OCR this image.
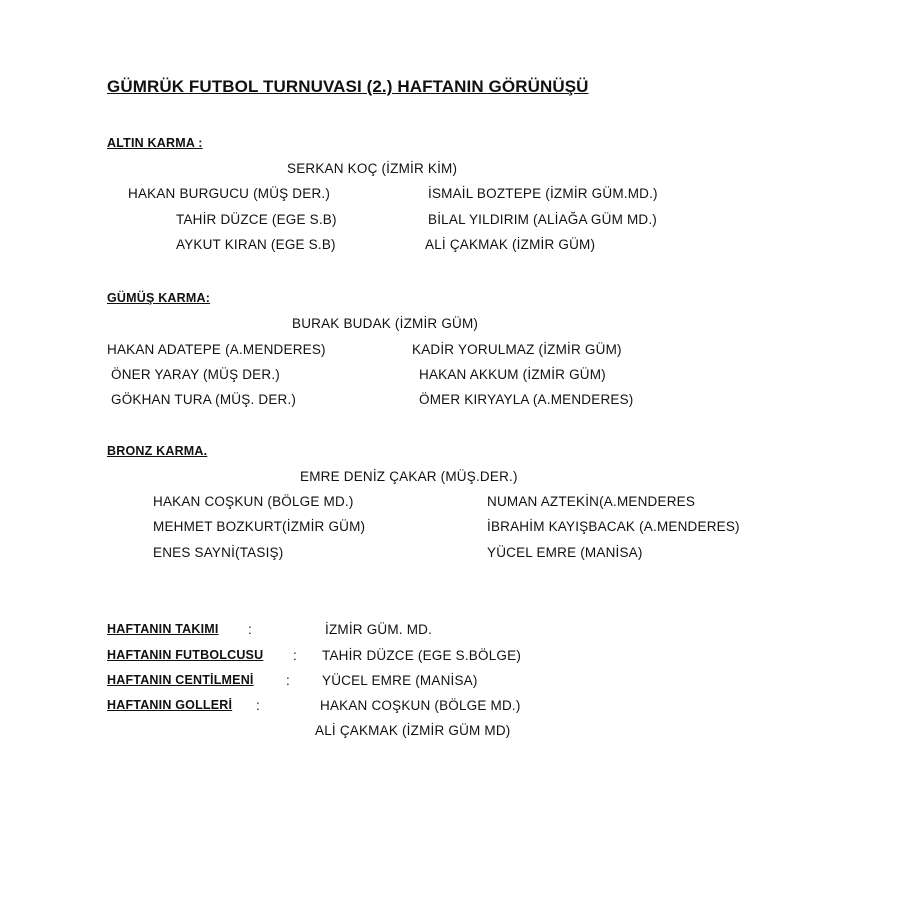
GÜMRÜK FUTBOL TURNUVASI (2.) HAFTANIN GÖRÜNÜŞÜ
ALTIN KARMA :
SERKAN KOÇ (İZMİR KİM)
HAKAN BURGUCU (MÜŞ DER.)
TAHİR DÜZCE (EGE S.B)
AYKUT KIRAN (EGE S.B)
İSMAİL BOZTEPE (İZMİR GÜM.MD.)
BİLAL YILDIRIM (ALİAĞA GÜM MD.)
ALİ ÇAKMAK (İZMİR GÜM)
GÜMÜŞ KARMA:
BURAK BUDAK (İZMİR GÜM)
HAKAN ADATEPE (A.MENDERES)
ÖNER YARAY (MÜŞ DER.)
GÖKHAN TURA (MÜŞ. DER.)
KADİR YORULMAZ (İZMİR GÜM)
HAKAN AKKUM (İZMİR GÜM)
ÖMER KIRYAYLA (A.MENDERES)
BRONZ KARMA.
EMRE DENİZ ÇAKAR (MÜŞ.DER.)
HAKAN COŞKUN (BÖLGE MD.)
MEHMET BOZKURT(İZMİR GÜM)
ENES SAYNİ(TASIŞ)
NUMAN AZTEKİN(A.MENDERES
İBRAHİM KAYIŞBACAK (A.MENDERES)
YÜCEL EMRE (MANİSA)
HAFTANIN TAKIMI :	İZMİR GÜM. MD.
HAFTANIN FUTBOLCUSU : TAHİR DÜZCE (EGE S.BÖLGE)
HAFTANIN CENTİLMENİ : YÜCEL EMRE (MANİSA)
HAFTANIN GOLLERİ :	HAKAN COŞKUN (BÖLGE MD.)
ALİ ÇAKMAK (İZMİR GÜM MD)
